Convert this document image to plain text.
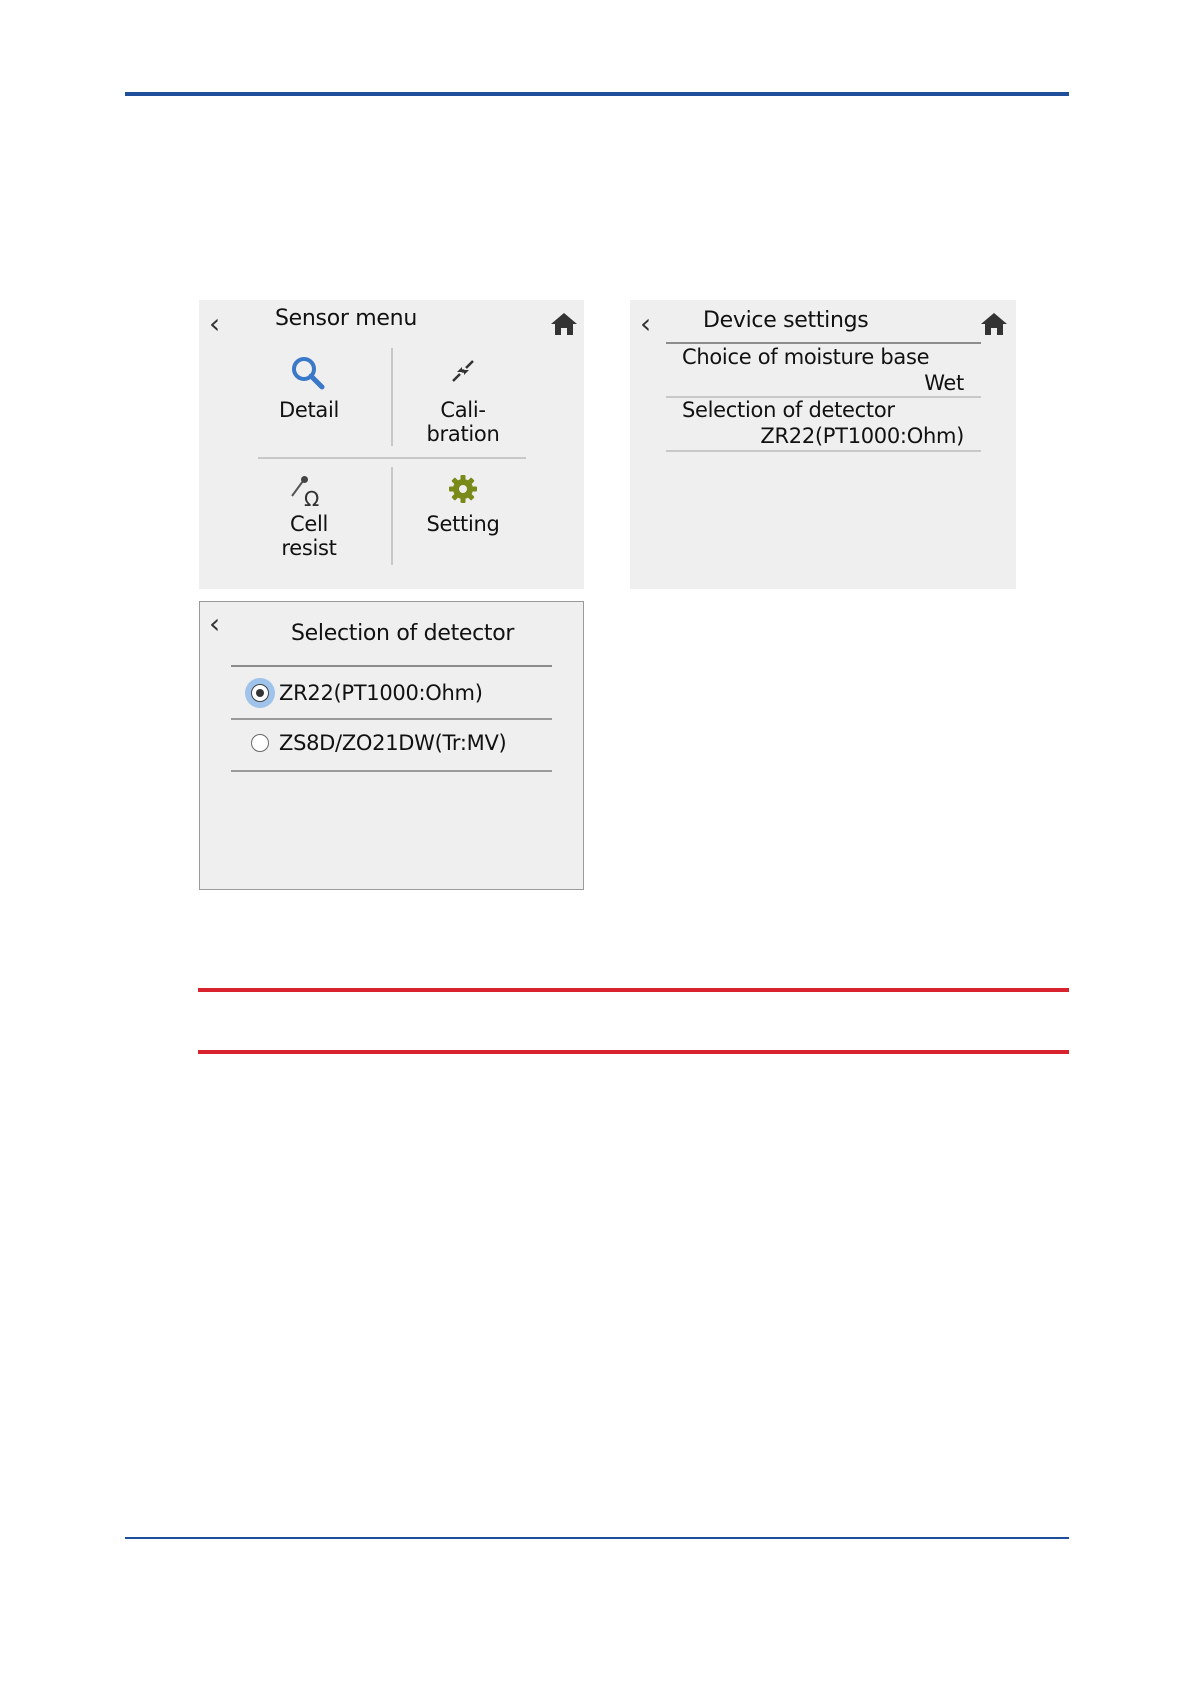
‹ Sensor menu
Detail	Cali-
bration
Ω
Cell
resist
Setting
‹ Device settings
Choice of moisture base
Wet
Selection of detector
ZR22(PT1000:Ohm)
‹	Selection of detector
ZR22(PT1000:Ohm)
ZS8D/ZO21DW(Tr:MV)
